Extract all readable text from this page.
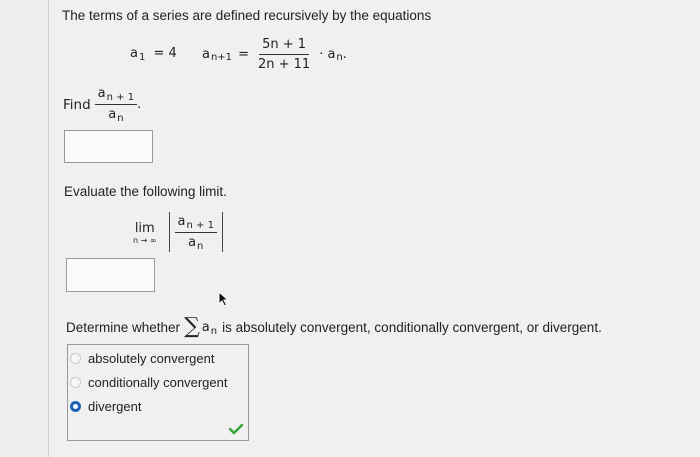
The terms of a series are defined recursively by the equations
$a_1 = 4$ a $n+1 = \frac{5n + 1}{2n + 11} \cdot a$ n .
Find $\frac{a_{n + 1}}{a_n}$ .
Evaluate the following limit.
lim
n → ∞ $\frac{a_{n + 1}}{a_n}$
Determine whether ∑ $a_n$ is absolutely convergent, conditionally convergent, or divergent.
absolutely convergent
conditionally convergent
divergent
